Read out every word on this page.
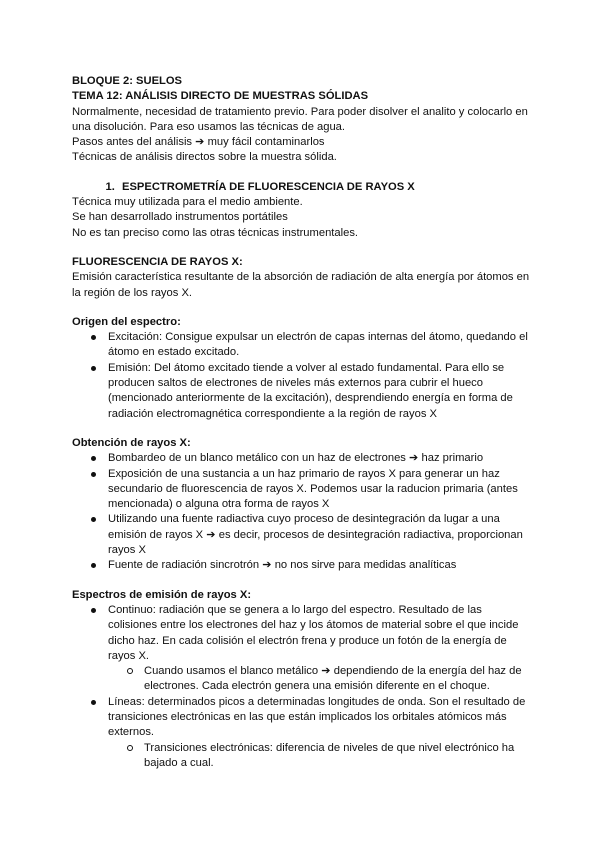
BLOQUE 2: SUELOS
TEMA 12: ANÁLISIS DIRECTO DE MUESTRAS SÓLIDAS

Normalmente, necesidad de tratamiento previo. Para poder disolver el analito y colocarlo en una disolución. Para eso usamos las técnicas de agua.

Pasos antes del análisis ➔ muy fácil contaminarlos

Técnicas de análisis directos sobre la muestra sólida.

1. ESPECTROMETRÍA DE FLUORESCENCIA DE RAYOS X

Técnica muy utilizada para el medio ambiente.

Se han desarrollado instrumentos portátiles

No es tan preciso como las otras técnicas instrumentales.

FLUORESCENCIA DE RAYOS X:

Emisión característica resultante de la absorción de radiación de alta energía por átomos en la región de los rayos X.

Origen del espectro:
Excitación: Consigue expulsar un electrón de capas internas del átomo, quedando el átomo en estado excitado.
Emisión: Del átomo excitado tiende a volver al estado fundamental. Para ello se producen saltos de electrones de niveles más externos para cubrir el hueco (mencionado anteriormente de la excitación), desprendiendo energía en forma de radiación electromagnética correspondiente a la región de rayos X
Obtención de rayos X:
Bombardeo de un blanco metálico con un haz de electrones ➔ haz primario
Exposición de una sustancia a un haz primario de rayos X para generar un haz secundario de fluorescencia de rayos X. Podemos usar la raducion primaria (antes mencionada) o alguna otra forma de rayos X
Utilizando una fuente radiactiva cuyo proceso de desintegración da lugar a una emisión de rayos X ➔ es decir, procesos de desintegración radiactiva, proporcionan rayos X
Fuente de radiación sincrotrón ➔ no nos sirve para medidas analíticas
Espectros de emisión de rayos X:
Continuo: radiación que se genera a lo largo del espectro. Resultado de las colisiones entre los electrones del haz y los átomos de material sobre el que incide dicho haz. En cada colisión el electrón frena y produce un fotón de la energía de rayos X.
Cuando usamos el blanco metálico ➔ dependiendo de la energía del haz de electrones. Cada electrón genera una emisión diferente en el choque.
Líneas: determinados picos a determinadas longitudes de onda. Son el resultado de transiciones electrónicas en las que están implicados los orbitales atómicos más externos.
Transiciones electrónicas: diferencia de niveles de que nivel electrónico ha bajado a cual.
